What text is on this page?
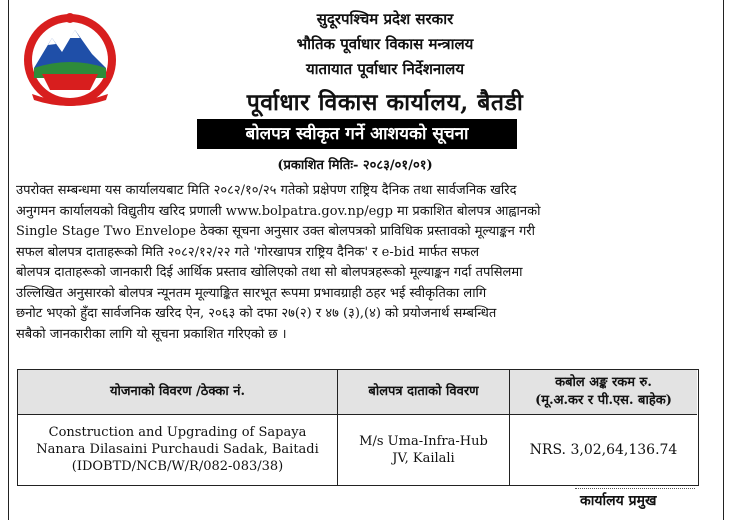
सुदूरपश्चिम प्रदेश सरकार
भौतिक पूर्वाधार विकास मन्त्रालय
यातायात पूर्वाधार निर्देशनालय
पूर्वाधार विकास कार्यालय, बैतडी
बोलपत्र स्वीकृत गर्ने आशयको सूचना
(प्रकाशित मितिः- २०८३/०१/०१)
उपरोक्त सम्बन्धमा यस कार्यालयबाट मिति २०८२/१०/२५ गतेको प्रक्षेपण राष्ट्रिय दैनिक तथा सार्वजनिक खरिद
अनुगमन कार्यालयको विद्युतीय खरिद प्रणाली www.bolpatra.gov.np/egp मा प्रकाशित बोलपत्र आह्वानको
Single Stage Two Envelope ठेक्का सूचना अनुसार उक्त बोलपत्रको प्राविधिक प्रस्तावको मूल्याङ्कन गरी
सफल बोलपत्र दाताहरूको मिति २०८२/१२/२२ गते 'गोरखापत्र राष्ट्रिय दैनिक' र e-bid मार्फत सफल
बोलपत्र दाताहरूको जानकारी दिई आर्थिक प्रस्ताव खोलिएको तथा सो बोलपत्रहरूको मूल्याङ्कन गर्दा तपसिलमा
उल्लिखित अनुसारको बोलपत्र न्यूनतम मूल्याङ्कित सारभूत रूपमा प्रभावग्राही ठहर भई स्वीकृतिका लागि
छनोट भएको हुँदा सार्वजनिक खरिद ऐन, २०६३ को दफा २७(२) र ४७ (३),(४) को प्रयोजनार्थ सम्बन्धित
सबैको जानकारीका लागि यो सूचना प्रकाशित गरिएको छ ।
योजनाको विवरण /ठेक्का नं.	बोलपत्र दाताको विवरण
कबोल अङ्क रकम रु.
(मू.अ.कर र पी.एस. बाहेक)
Construction and Upgrading of Sapaya
Nanara Dilasaini Purchaudi Sadak, Baitadi
(IDOBTD/NCB/W/R/082-083/38)
M/s Uma-Infra-Hub
JV, Kailali
NRS. 3,02,64,136.74
कार्यालय प्रमुख
